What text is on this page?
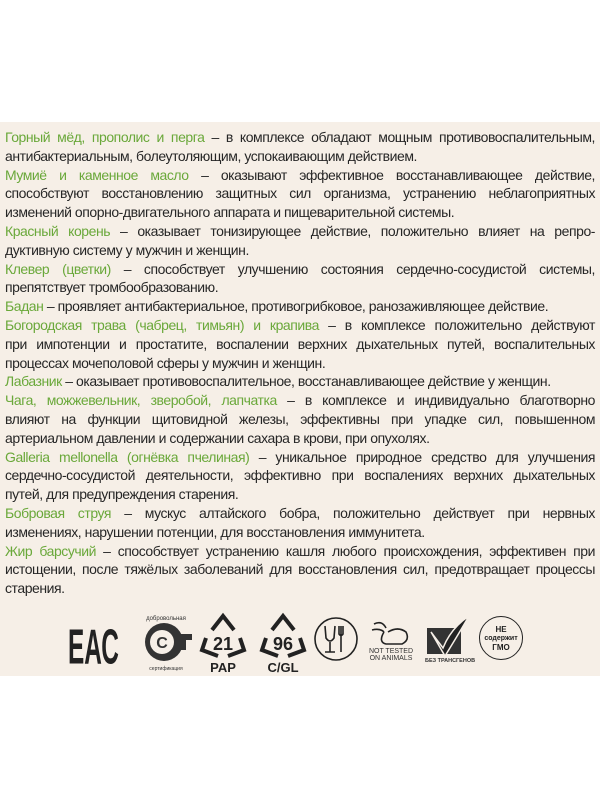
Горный мёд, прополис и перга – в комплексе обладают мощным противовоспалительным,
антибактериальным, болеутоляющим, успокаивающим действием.
Мумиё и каменное масло – оказывают эффективное восстанавливающее действие,
способствуют восстановлению защитных сил организма, устранению неблагоприятных
изменений опорно-двигательного аппарата и пищеварительной системы.
Красный корень – оказывает тонизирующее действие, положительно влияет на репро-
дуктивную систему у мужчин и женщин.
Клевер (цветки) – способствует улучшению состояния сердечно-сосудистой системы,
препятствует тромбообразованию.
Бадан – проявляет антибактериальное, противогрибковое, ранозаживляющее действие.
Богородская трава (чабрец, тимьян) и крапива – в комплексе положительно действуют
при импотенции и простатите, воспалении верхних дыхательных путей, воспалительных
процессах мочеполовой сферы у мужчин и женщин.
Лабазник – оказывает противовоспалительное, восстанавливающее действие у женщин.
Чага, можжевельник, зверобой, лапчатка – в комплексе и индивидуально благотворно
влияют на функции щитовидной железы, эффективны при упадке сил, повышенном
артериальном давлении и содержании сахара в крови, при опухолях.
Galleria mellonella (огнёвка пчелиная) – уникальное природное средство для улучшения
сердечно-сосудистой деятельности, эффективно при воспалениях верхних дыхательных
путей, для предупреждения старения.
Бобровая струя – мускус алтайского бобра, положительно действует при нервных
изменениях, нарушении потенции, для восстановления иммунитета.
Жир барсучий – способствует устранению кашля любого происхождения, эффективен при
истощении, после тяжёлых заболеваний для восстановления сил, предотвращает процессы
старения.
ЕАС С
добровольная
сертификация
21
PAP
96
C/GL
NOT TESTED
ON ANIMALS	БЕЗ ТРАНСГЕНОВ
НЕ
содержит
ГМО
